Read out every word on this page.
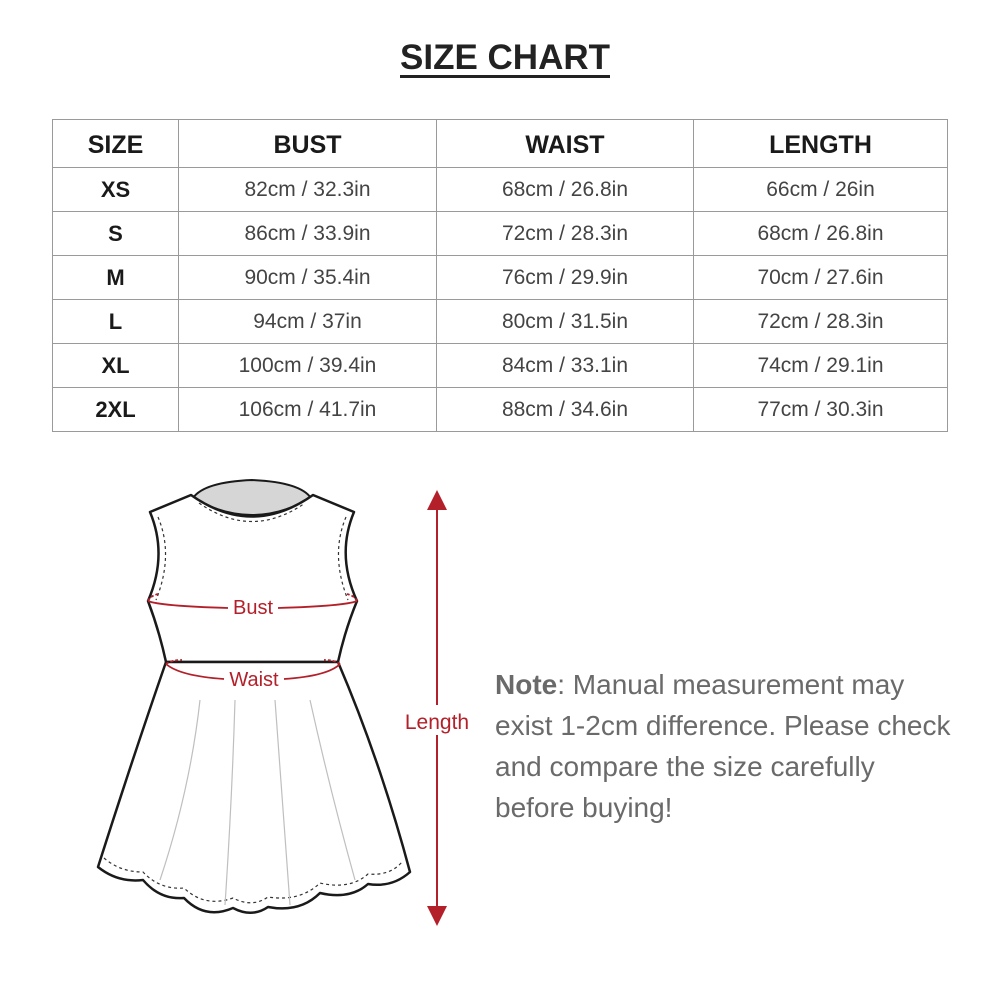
SIZE CHART
SIZE	BUST	WAIST	LENGTH
XS	82cm / 32.3in	68cm / 26.8in	66cm / 26in
S	86cm / 33.9in	72cm / 28.3in	68cm / 26.8in
M	90cm / 35.4in	76cm / 29.9in	70cm / 27.6in
L	94cm / 37in	80cm / 31.5in	72cm / 28.3in
XL	100cm / 39.4in	84cm / 33.1in	74cm / 29.1in
2XL	106cm / 41.7in	88cm / 34.6in	77cm / 30.3in
Bust
Waist
Length
Note: Manual measurement may exist 1-2cm difference. Please check and compare the size carefully before buying!
